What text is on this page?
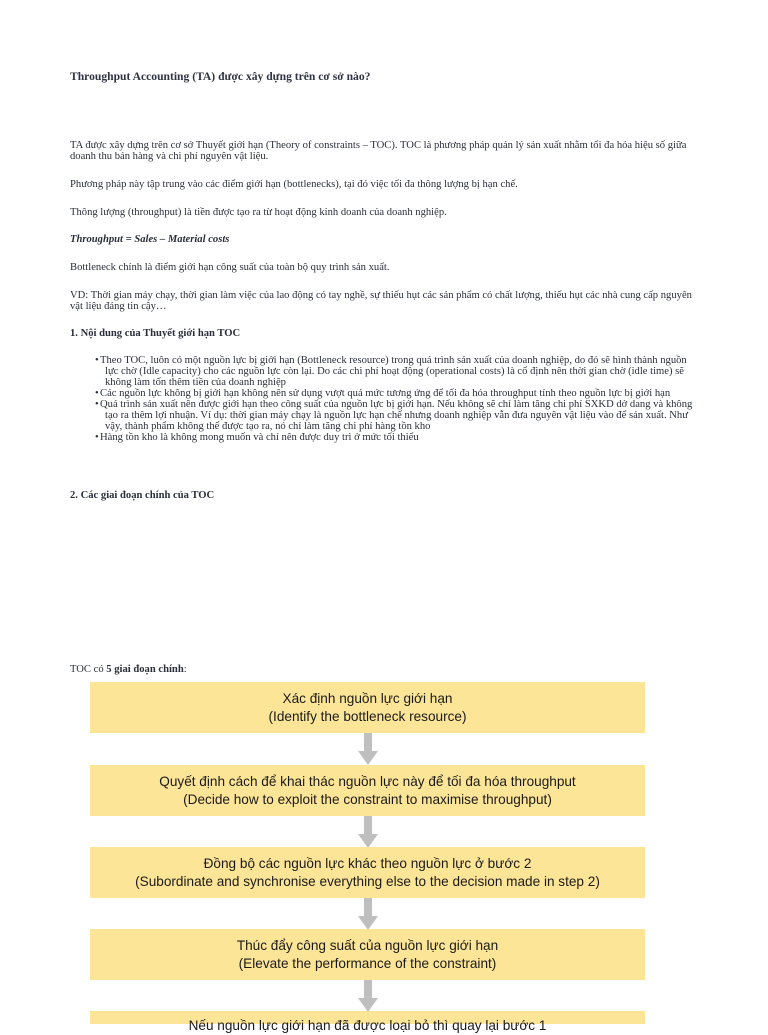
Throughput Accounting (TA) được xây dựng trên cơ sở nào?
TA được xây dựng trên cơ sở Thuyết giới hạn (Theory of constraints – TOC). TOC là phương pháp quản lý sản xuất nhằm tối đa hóa hiệu số giữa doanh thu bán hàng và chi phí nguyên vật liệu.
Phương pháp này tập trung vào các điểm giới hạn (bottlenecks), tại đó việc tối đa thông lượng bị hạn chế.
Thông lượng (throughput) là tiền được tạo ra từ hoạt động kinh doanh của doanh nghiệp.
Throughput = Sales – Material costs
Bottleneck chính là điểm giới hạn công suất của toàn bộ quy trình sản xuất.
VD: Thời gian máy chạy, thời gian làm việc của lao động có tay nghề, sự thiếu hụt các sản phẩm có chất lượng, thiếu hụt các nhà cung cấp nguyên vật liệu đáng tin cậy…
1. Nội dung của Thuyết giới hạn TOC
• Theo TOC, luôn có một nguồn lực bị giới hạn (Bottleneck resource) trong quá trình sản xuất của doanh nghiệp, do đó sẽ hình thành nguồn lực chờ (Idle capacity) cho các nguồn lực còn lại. Do các chi phí hoạt động (operational costs) là cố định nên thời gian chờ (idle time) sẽ không làm tốn thêm tiền của doanh nghiệp
• Các nguồn lực không bị giới hạn không nên sử dụng vượt quá mức tương ứng để tối đa hóa throughput tính theo nguồn lực bị giới hạn
• Quá trình sản xuất nên được giới hạn theo công suất của nguồn lực bị giới hạn. Nếu không sẽ chỉ làm tăng chi phí SXKD dở dang và không tạo ra thêm lợi nhuận. Ví dụ: thời gian máy chạy là nguồn lực hạn chế nhưng doanh nghiệp vẫn đưa nguyên vật liệu vào để sản xuất. Như vậy, thành phẩm không thể được tạo ra, nó chỉ làm tăng chi phí hàng tồn kho
• Hàng tồn kho là không mong muốn và chỉ nên được duy trì ở mức tối thiểu
2. Các giai đoạn chính của TOC
TOC có 5 giai đoạn chính:
Xác định nguồn lực giới hạn
(Identify the bottleneck resource)
Quyết định cách để khai thác nguồn lực này để tối đa hóa throughput
(Decide how to exploit the constraint to maximise throughput)
Đồng bộ các nguồn lực khác theo nguồn lực ở bước 2
(Subordinate and synchronise everything else to the decision made in step 2)
Thúc đẩy công suất của nguồn lực giới hạn
(Elevate the performance of the constraint)
Nếu nguồn lực giới hạn đã được loại bỏ thì quay lại bước 1
